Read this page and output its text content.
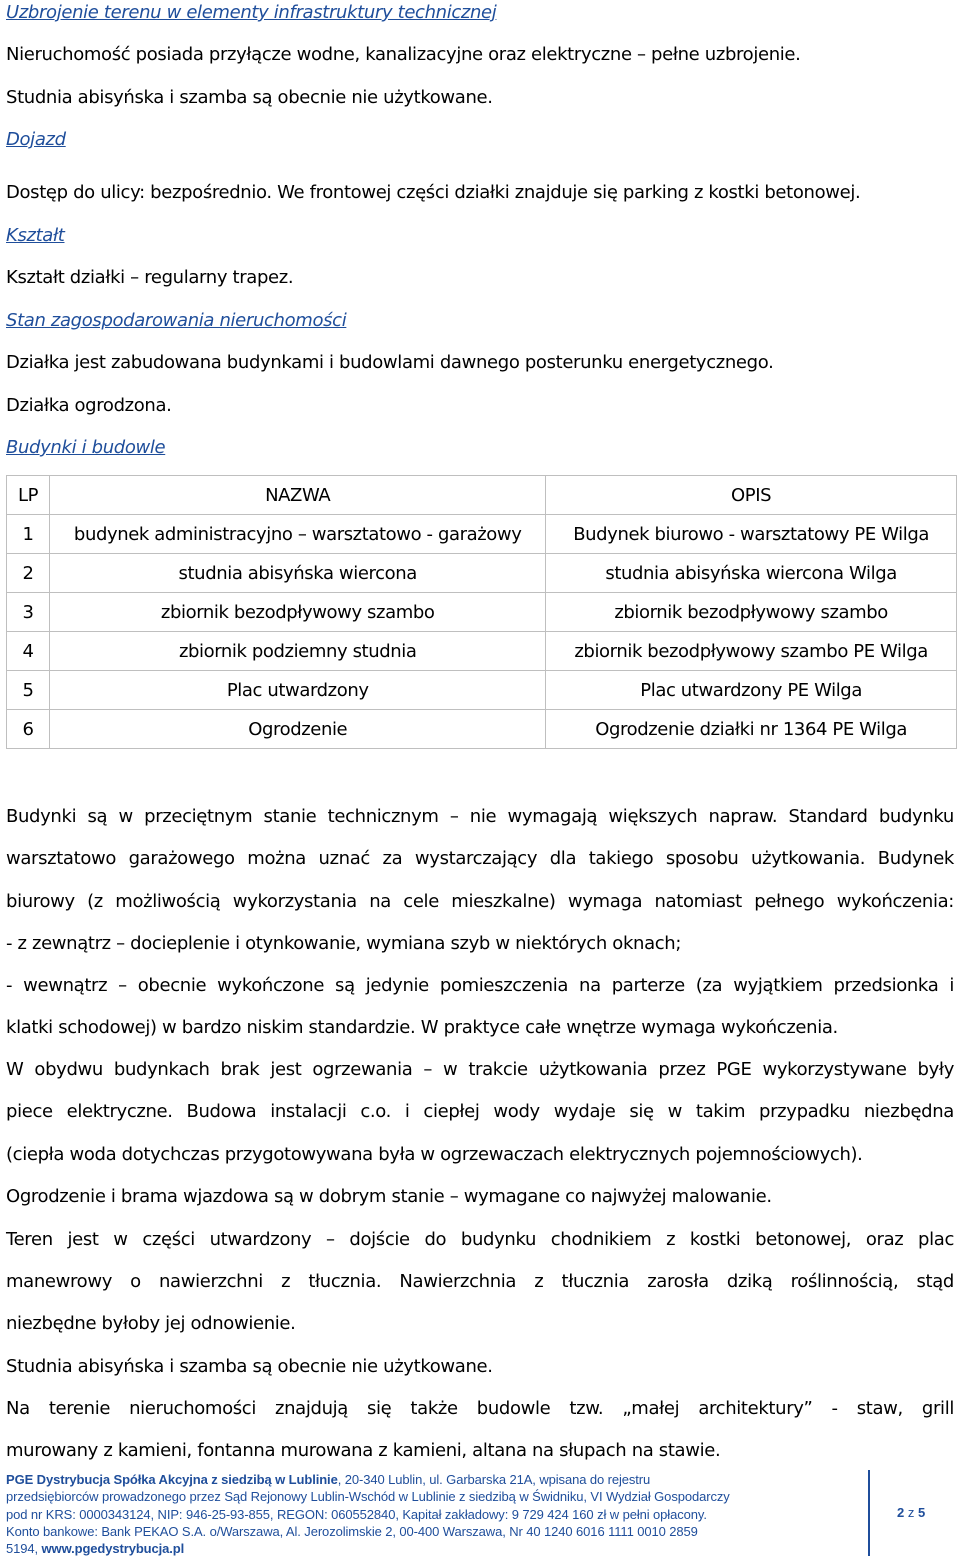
Uzbrojenie terenu w elementy infrastruktury technicznej

Nieruchomość posiada przyłącze wodne, kanalizacyjne oraz elektryczne – pełne uzbrojenie.

Studnia abisyńska i szamba są obecnie nie użytkowane.

Dojazd

Dostęp do ulicy: bezpośrednio. We frontowej części działki znajduje się parking z kostki betonowej.

Kształt

Kształt działki – regularny trapez.

Stan zagospodarowania nieruchomości

Działka jest zabudowana budynkami i budowlami dawnego posterunku energetycznego.

Działka ogrodzona.

Budynki i budowle

LP	NAZWA	OPIS
1	budynek administracyjno – warsztatowo - garażowy	Budynek biurowo - warsztatowy PE Wilga
2	studnia abisyńska wiercona	studnia abisyńska wiercona Wilga
3	zbiornik bezodpływowy szambo	zbiornik bezodpływowy szambo
4	zbiornik podziemny studnia	zbiornik bezodpływowy szambo PE Wilga
5	Plac utwardzony	Plac utwardzony PE Wilga
6	Ogrodzenie	Ogrodzenie działki nr 1364 PE Wilga

Budynki są w przeciętnym stanie technicznym – nie wymagają większych napraw. Standard budynku

warsztatowo garażowego można uznać za wystarczający dla takiego sposobu użytkowania. Budynek

biurowy (z możliwością wykorzystania na cele mieszkalne) wymaga natomiast pełnego wykończenia:

- z zewnątrz – docieplenie i otynkowanie, wymiana szyb w niektórych oknach;

- wewnątrz – obecnie wykończone są jedynie pomieszczenia na parterze (za wyjątkiem przedsionka i

klatki schodowej) w bardzo niskim standardzie. W praktyce całe wnętrze wymaga wykończenia.

W obydwu budynkach brak jest ogrzewania – w trakcie użytkowania przez PGE wykorzystywane były

piece elektryczne. Budowa instalacji c.o. i ciepłej wody wydaje się w takim przypadku niezbędna

(ciepła woda dotychczas przygotowywana była w ogrzewaczach elektrycznych pojemnościowych).

Ogrodzenie i brama wjazdowa są w dobrym stanie – wymagane co najwyżej malowanie.

Teren jest w części utwardzony – dojście do budynku chodnikiem z kostki betonowej, oraz plac

manewrowy o nawierzchni z tłucznia. Nawierzchnia z tłucznia zarosła dziką roślinnością, stąd

niezbędne byłoby jej odnowienie.

Studnia abisyńska i szamba są obecnie nie użytkowane.

Na terenie nieruchomości znajdują się także budowle tzw. „małej architektury” - staw, grill

murowany z kamieni, fontanna murowana z kamieni, altana na słupach na stawie.

PGE Dystrybucja Spółka Akcyjna z siedzibą w Lublinie, 20-340 Lublin, ul. Garbarska 21A, wpisana do rejestru
przedsiębiorców prowadzonego przez Sąd Rejonowy Lublin-Wschód w Lublinie z siedzibą w Świdniku, VI Wydział Gospodarczy
pod nr KRS: 0000343124, NIP: 946-25-93-855, REGON: 060552840, Kapitał zakładowy: 9 729 424 160 zł w pełni opłacony.
Konto bankowe: Bank PEKAO S.A. o/Warszawa, Al. Jerozolimskie 2, 00-400 Warszawa, Nr 40 1240 6016 1111 0010 2859
5194, www.pgedystrybucja.pl
2 z 5
